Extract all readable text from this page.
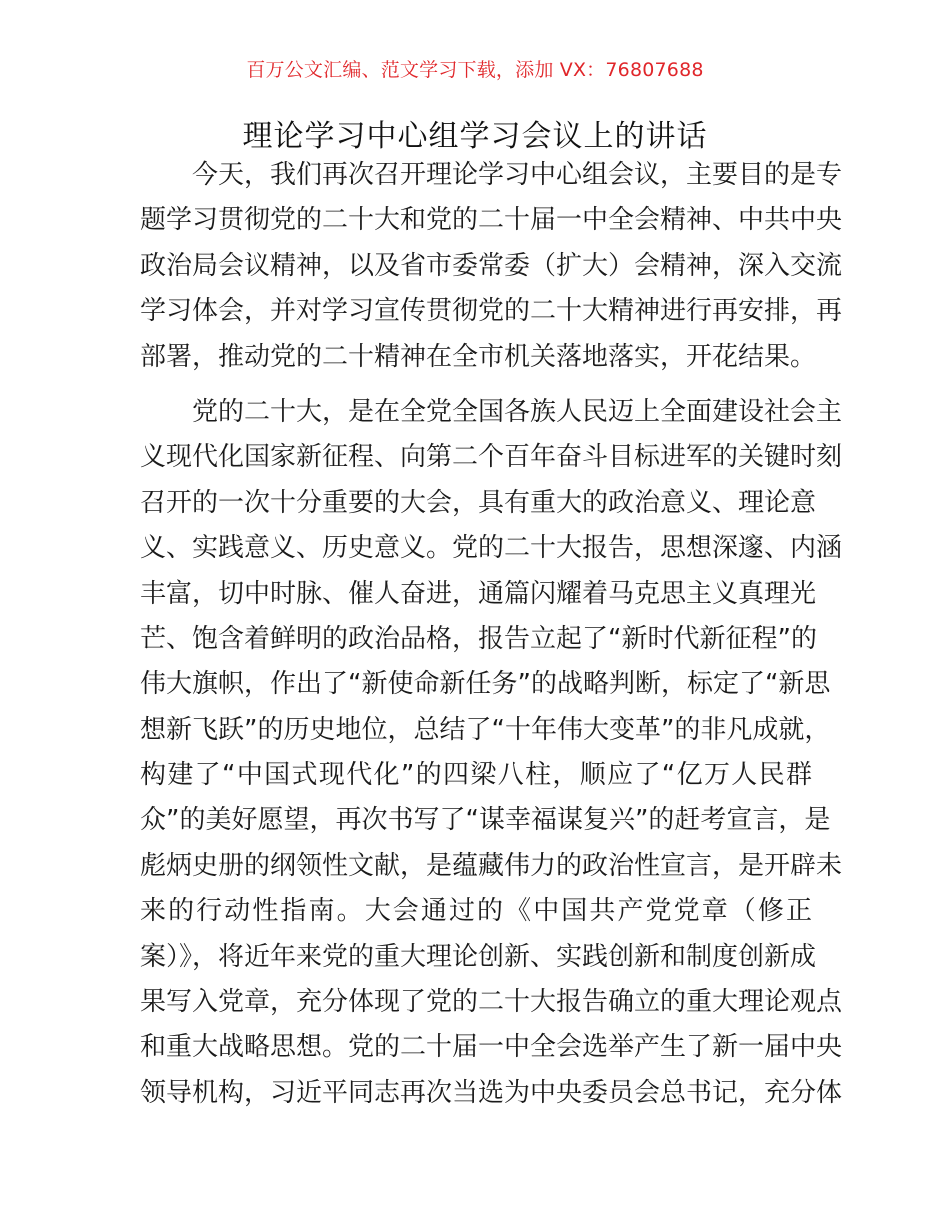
百万公文汇编、范文学习下载，添加 VX：76807688
理论学习中心组学习会议上的讲话
今天，我们再次召开理论学习中心组会议，主要目的是专
题学习贯彻党的二十大和党的二十届一中全会精神、中共中央
政治局会议精神，以及省市委常委（扩大）会精神，深入交流
学习体会，并对学习宣传贯彻党的二十大精神进行再安排，再
部署，推动党的二十精神在全市机关落地落实，开花结果。
党的二十大，是在全党全国各族人民迈上全面建设社会主
义现代化国家新征程、向第二个百年奋斗目标进军的关键时刻
召开的一次十分重要的大会，具有重大的政治意义、理论意
义、实践意义、历史意义。党的二十大报告，思想深邃、内涵
丰富，切中时脉、催人奋进，通篇闪耀着马克思主义真理光
芒、饱含着鲜明的政治品格，报告立起了“新时代新征程”的
伟大旗帜，作出了“新使命新任务”的战略判断，标定了“新思
想新飞跃”的历史地位，总结了“十年伟大变革”的非凡成就，
构建了“中国式现代化”的四梁八柱，顺应了“亿万人民群
众”的美好愿望，再次书写了“谋幸福谋复兴”的赶考宣言，是
彪炳史册的纲领性文献，是蕴藏伟力的政治性宣言，是开辟未
来的行动性指南。大会通过的《中国共产党党章（修正
案）》，将近年来党的重大理论创新、实践创新和制度创新成
果写入党章，充分体现了党的二十大报告确立的重大理论观点
和重大战略思想。党的二十届一中全会选举产生了新一届中央
领导机构，习近平同志再次当选为中央委员会总书记，充分体
